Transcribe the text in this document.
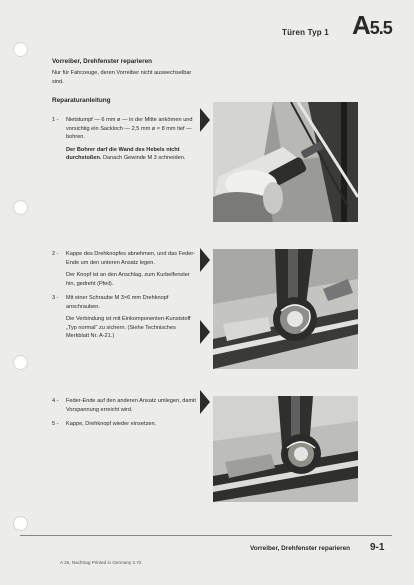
Türen Typ 1 A5.5
Vorreiber, Drehfenster reparieren
Nur für Fahrzeuge, deren Vorreiber nicht auswechselbar sind.
Reparaturanleitung
1 - Nietstumpf — 6 mm ø — in der Mitte ankörnen und vorsichtig ein Sackloch — 2,5 mm ø × 8 mm tief — bohren.
Der Bohrer darf die Wand des Hebels nicht durchstoßen. Danach Gewinde M 3 schneiden.
2 - Kappe des Drehknopfes abnehmen, und das Feder-Ende um den unteren Ansatz legen.
Der Knopf ist an den Anschlag, zum Kurbelfenster hin, gedreht (Pfeil).
3 - Mit einer Schraube M 3×6 mm Drehknopf anschrauben.
Die Verbindung ist mit Einkomponenten-Kunststoff „Typ normal“ zu sichern. (Siehe Technisches Merkblatt Nr. A-21.)
4 - Feder-Ende auf den anderen Ansatz umlegen, damit Vorspannung erreicht wird.
5 - Kappe, Drehknopf wieder einsetzen.
Vorreiber, Drehfenster reparieren 9-1
A 26, Nachtrag Printed in Germany 2.72
